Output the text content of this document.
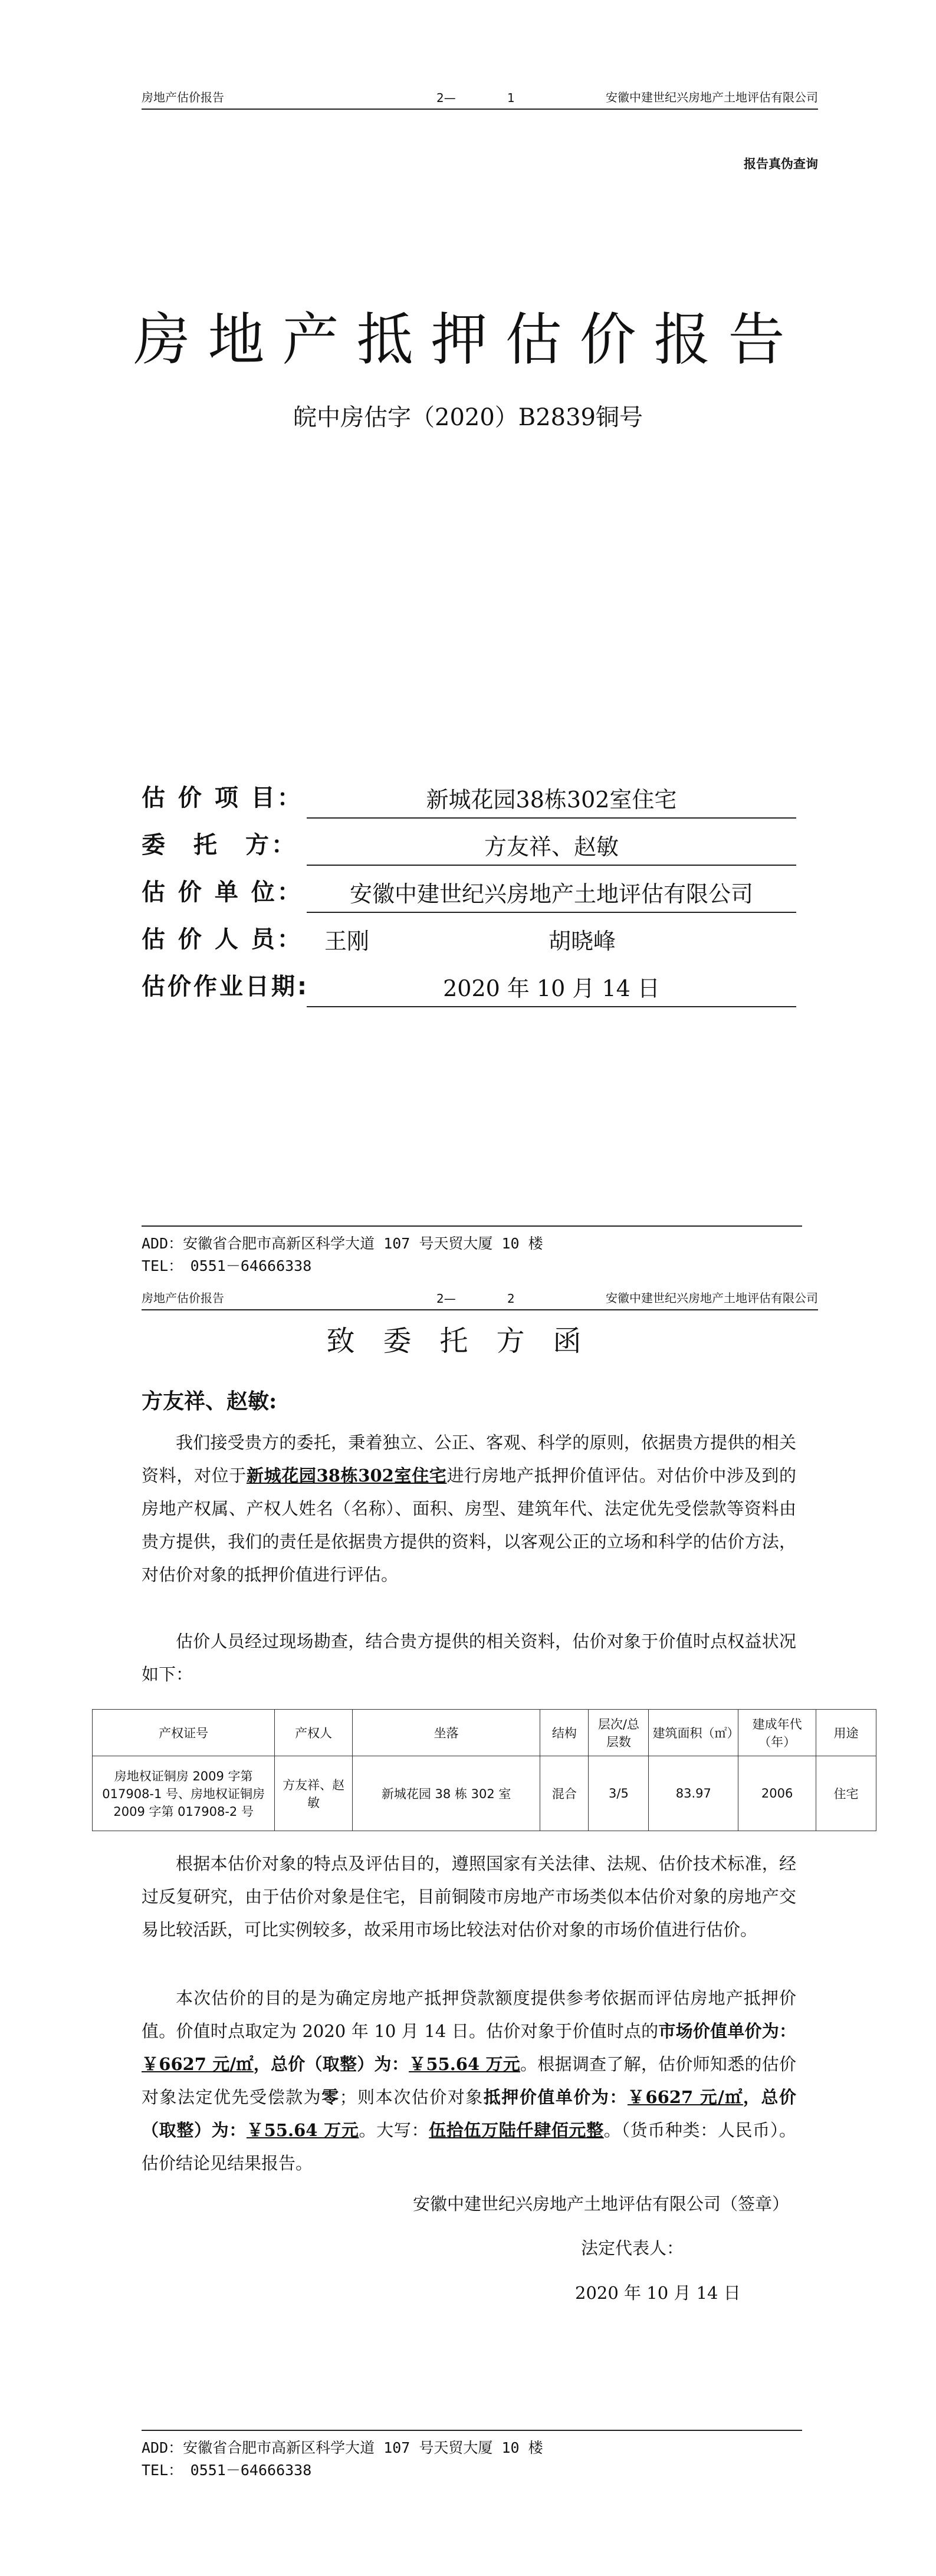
房地产估价报告	2—	1	安徽中建世纪兴房地产土地评估有限公司
报告真伪查询
房地产抵押估价报告
皖中房估字（2020）B2839铜号
估 价 项 目：	新城花园38栋302室住宅
委　托　方：	方友祥、赵敏
估 价 单 位：	安徽中建世纪兴房地产土地评估有限公司
估 价 人 员： 王刚	胡晓峰
估价作业日期:	2020 年 10 月 14 日
ADD：安徽省合肥市高新区科学大道 107 号天贸大厦 10 楼
TEL：　0551－64666338
房地产估价报告	2—	2	安徽中建世纪兴房地产土地评估有限公司
致委托方函
方友祥、赵敏:

我们接受贵方的委托，秉着独立、公正、客观、科学的原则，依据贵方提供的相关资料，对位于新城花园38栋302室住宅进行房地产抵押价值评估。对估价中涉及到的房地产权属、产权人姓名（名称）、面积、房型、建筑年代、法定优先受偿款等资料由贵方提供，我们的责任是依据贵方提供的资料，以客观公正的立场和科学的估价方法，对估价对象的抵押价值进行评估。

估价人员经过现场勘查，结合贵方提供的相关资料，估价对象于价值时点权益状况如下：

产权证号	产权人	坐落	结构	层次/总层数	建筑面积（㎡）	建成年代（年）	用途
房地权证铜房 2009 字第 017908-1 号、房地权证铜房 2009 字第 017908-2 号	方友祥、赵敏	新城花园 38 栋 302 室	混合	3/5	83.97	2006	住宅

根据本估价对象的特点及评估目的，遵照国家有关法律、法规、估价技术标准，经过反复研究，由于估价对象是住宅，目前铜陵市房地产市场类似本估价对象的房地产交易比较活跃，可比实例较多，故采用市场比较法对估价对象的市场价值进行估价。

本次估价的目的是为确定房地产抵押贷款额度提供参考依据而评估房地产抵押价值。价值时点取定为 2020 年 10 月 14 日。估价对象于价值时点的市场价值单价为：￥6627 元/㎡，总价（取整）为：￥55.64 万元。根据调查了解，估价师知悉的估价对象法定优先受偿款为零；则本次估价对象抵押价值单价为：￥6627 元/㎡，总价（取整）为：￥55.64 万元。大写：伍拾伍万陆仟肆佰元整。（货币种类：人民币）。估价结论见结果报告。

安徽中建世纪兴房地产土地评估有限公司（签章）
法定代表人：
2020 年 10 月 14 日
ADD：安徽省合肥市高新区科学大道 107 号天贸大厦 10 楼
TEL：　0551－64666338
